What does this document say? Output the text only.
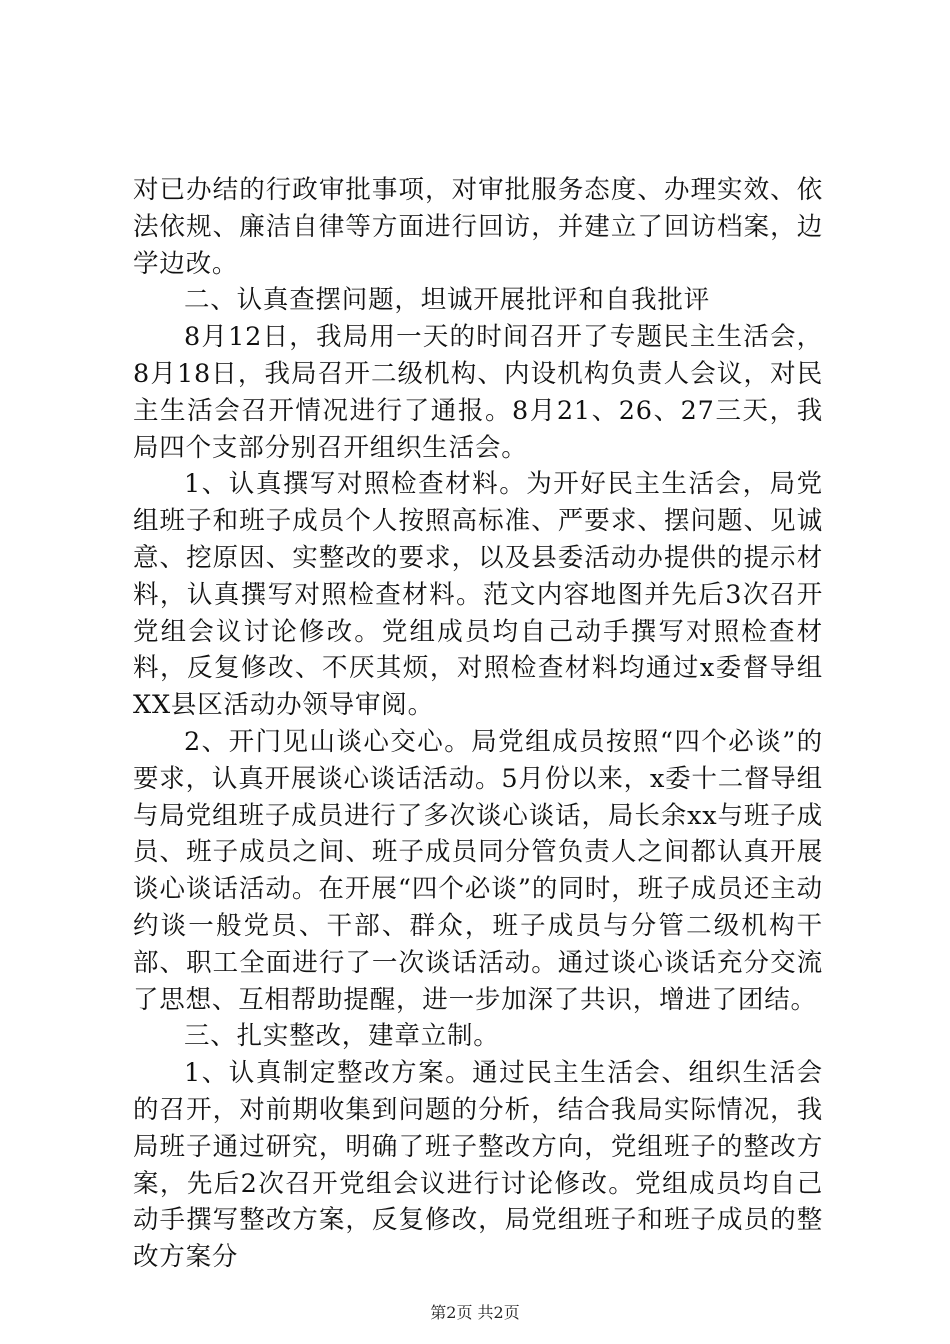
对已办结的行政审批事项，对审批服务态度、办理实效、依法依规、廉洁自律等方面进行回访，并建立了回访档案，边学边改。

二、认真查摆问题，坦诚开展批评和自我批评

8月12日，我局用一天的时间召开了专题民主生活会，8月18日，我局召开二级机构、内设机构负责人会议，对民主生活会召开情况进行了通报。8月21、26、27三天，我局四个支部分别召开组织生活会。

1、认真撰写对照检查材料。为开好民主生活会，局党组班子和班子成员个人按照高标准、严要求、摆问题、见诚意、挖原因、实整改的要求，以及县委活动办提供的提示材料，认真撰写对照检查材料。范文内容地图并先后3次召开党组会议讨论修改。党组成员均自己动手撰写对照检查材料，反复修改、不厌其烦，对照检查材料均通过x委督导组XX县区活动办领导审阅。

2、开门见山谈心交心。局党组成员按照“四个必谈”的要求，认真开展谈心谈话活动。5月份以来，x委十二督导组与局党组班子成员进行了多次谈心谈话，局长余xx与班子成员、班子成员之间、班子成员同分管负责人之间都认真开展谈心谈话活动。在开展“四个必谈”的同时，班子成员还主动约谈一般党员、干部、群众，班子成员与分管二级机构干部、职工全面进行了一次谈话活动。通过谈心谈话充分交流了思想、互相帮助提醒，进一步加深了共识，增进了团结。

三、扎实整改，建章立制。

1、认真制定整改方案。通过民主生活会、组织生活会的召开，对前期收集到问题的分析，结合我局实际情况，我局班子通过研究，明确了班子整改方向，党组班子的整改方案，先后2次召开党组会议进行讨论修改。党组成员均自己动手撰写整改方案，反复修改，局党组班子和班子成员的整改方案分

第2页 共2页
